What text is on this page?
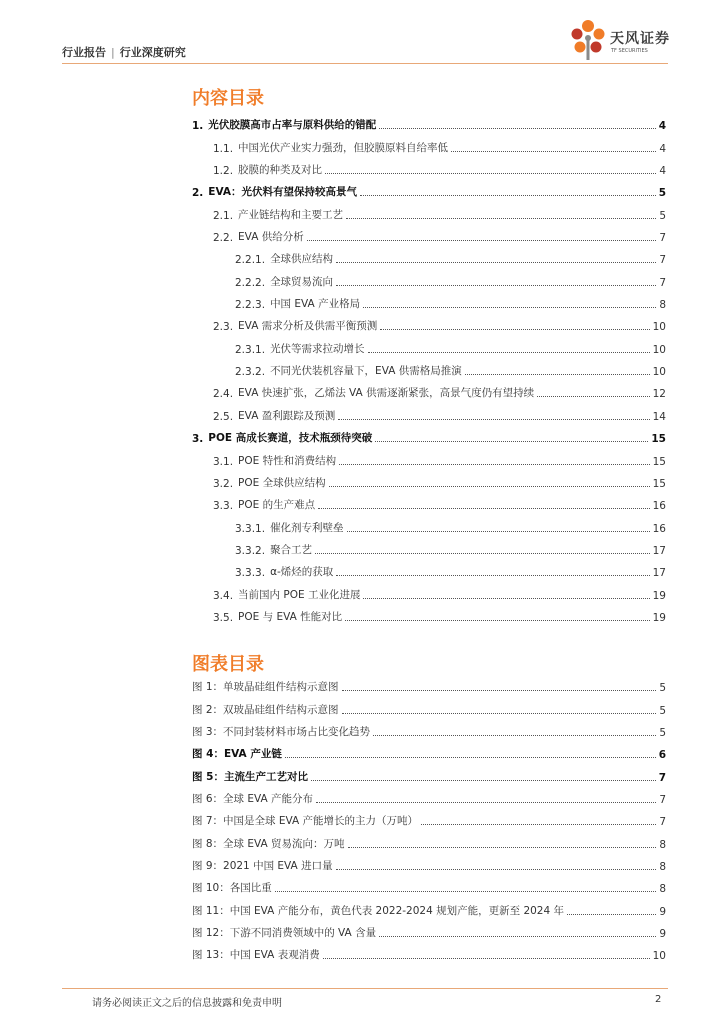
行业报告 | 行业深度研究
天风证券
TF SECURITIES
内容目录
1. 光伏胶膜高市占率与原料供给的错配	4
1.1. 中国光伏产业实力强劲，但胶膜原料自给率低	4
1.2. 胶膜的种类及对比	4
2. EVA：光伏料有望保持较高景气	5
2.1. 产业链结构和主要工艺	5
2.2. EVA 供给分析	7
2.2.1. 全球供应结构	7
2.2.2. 全球贸易流向	7
2.2.3. 中国 EVA 产业格局	8
2.3. EVA 需求分析及供需平衡预测	10
2.3.1. 光伏等需求拉动增长	10
2.3.2. 不同光伏装机容量下，EVA 供需格局推演	10
2.4. EVA 快速扩张，乙烯法 VA 供需逐渐紧张，高景气度仍有望持续	12
2.5. EVA 盈利跟踪及预测	14
3. POE 高成长赛道，技术瓶颈待突破	15
3.1. POE 特性和消费结构	15
3.2. POE 全球供应结构	15
3.3. POE 的生产难点	16
3.3.1. 催化剂专利壁垒	16
3.3.2. 聚合工艺	17
3.3.3. α-烯烃的获取	17
3.4. 当前国内 POE 工业化进展	19
3.5. POE 与 EVA 性能对比	19
图表目录
图 1：单玻晶硅组件结构示意图	5
图 2：双玻晶硅组件结构示意图	5
图 3：不同封装材料市场占比变化趋势	5
图 4：EVA 产业链	6
图 5：主流生产工艺对比	7
图 6：全球 EVA 产能分布	7
图 7：中国是全球 EVA 产能增长的主力（万吨）	7
图 8：全球 EVA 贸易流向：万吨	8
图 9：2021 中国 EVA 进口量	8
图 10：各国比重	8
图 11：中国 EVA 产能分布，黄色代表 2022-2024 规划产能，更新至 2024 年	9
图 12：下游不同消费领域中的 VA 含量	9
图 13：中国 EVA 表观消费	10
请务必阅读正文之后的信息披露和免责申明	2
